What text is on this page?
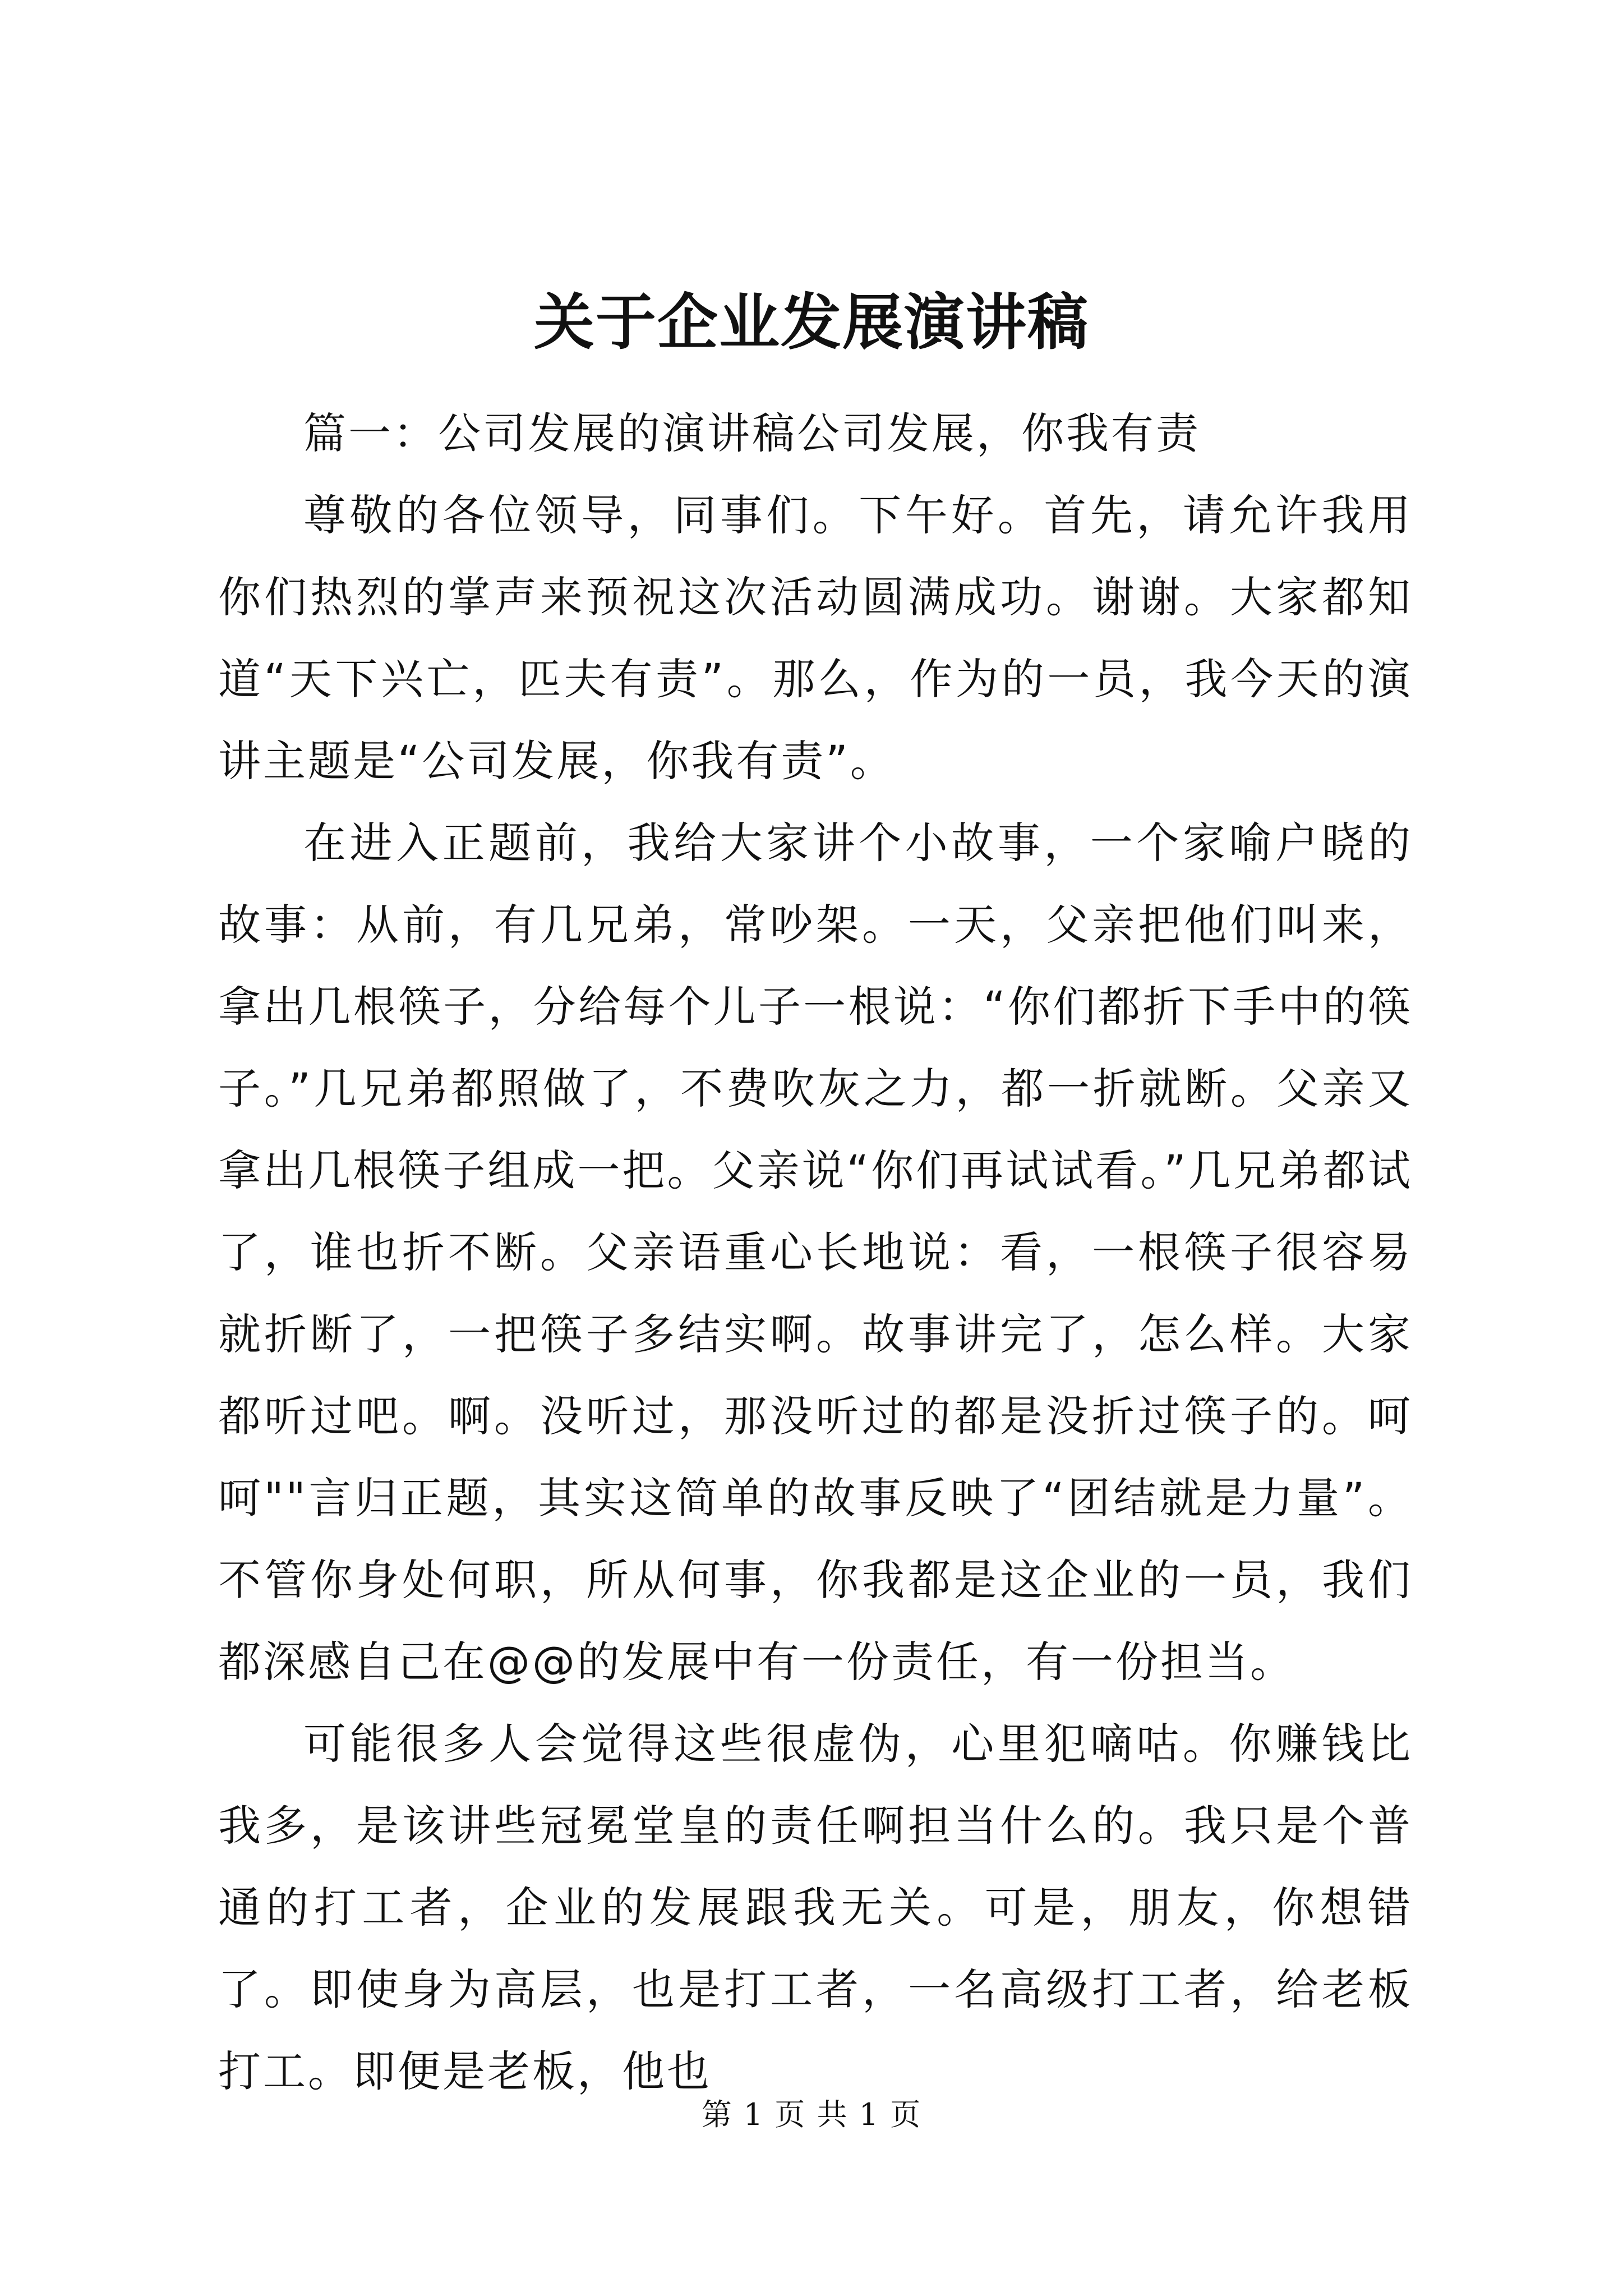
关于企业发展演讲稿

篇一：公司发展的演讲稿公司发展，你我有责

尊敬的各位领导，同事们。下午好。首先，请允许我用你们热烈的掌声来预祝这次活动圆满成功。谢谢。大家都知道“天下兴亡，匹夫有责”。那么，作为的一员，我今天的演讲主题是“公司发展，你我有责”。

在进入正题前，我给大家讲个小故事，一个家喻户晓的故事：从前，有几兄弟，常吵架。一天，父亲把他们叫来，拿出几根筷子，分给每个儿子一根说：“你们都折下手中的筷子。”几兄弟都照做了，不费吹灰之力，都一折就断。父亲又拿出几根筷子组成一把。父亲说“你们再试试看。”几兄弟都试了，谁也折不断。父亲语重心长地说：看，一根筷子很容易就折断了，一把筷子多结实啊。故事讲完了，怎么样。大家都听过吧。啊。没听过，那没听过的都是没折过筷子的。呵呵""言归正题，其实这简单的故事反映了“团结就是力量”。不管你身处何职，所从何事，你我都是这企业的一员，我们都深感自己在@@的发展中有一份责任，有一份担当。

可能很多人会觉得这些很虚伪，心里犯嘀咕。你赚钱比我多，是该讲些冠冕堂皇的责任啊担当什么的。我只是个普通的打工者，企业的发展跟我无关。可是，朋友，你想错了。即使身为高层，也是打工者，一名高级打工者，给老板打工。即便是老板，他也

第 1 页 共 1 页
